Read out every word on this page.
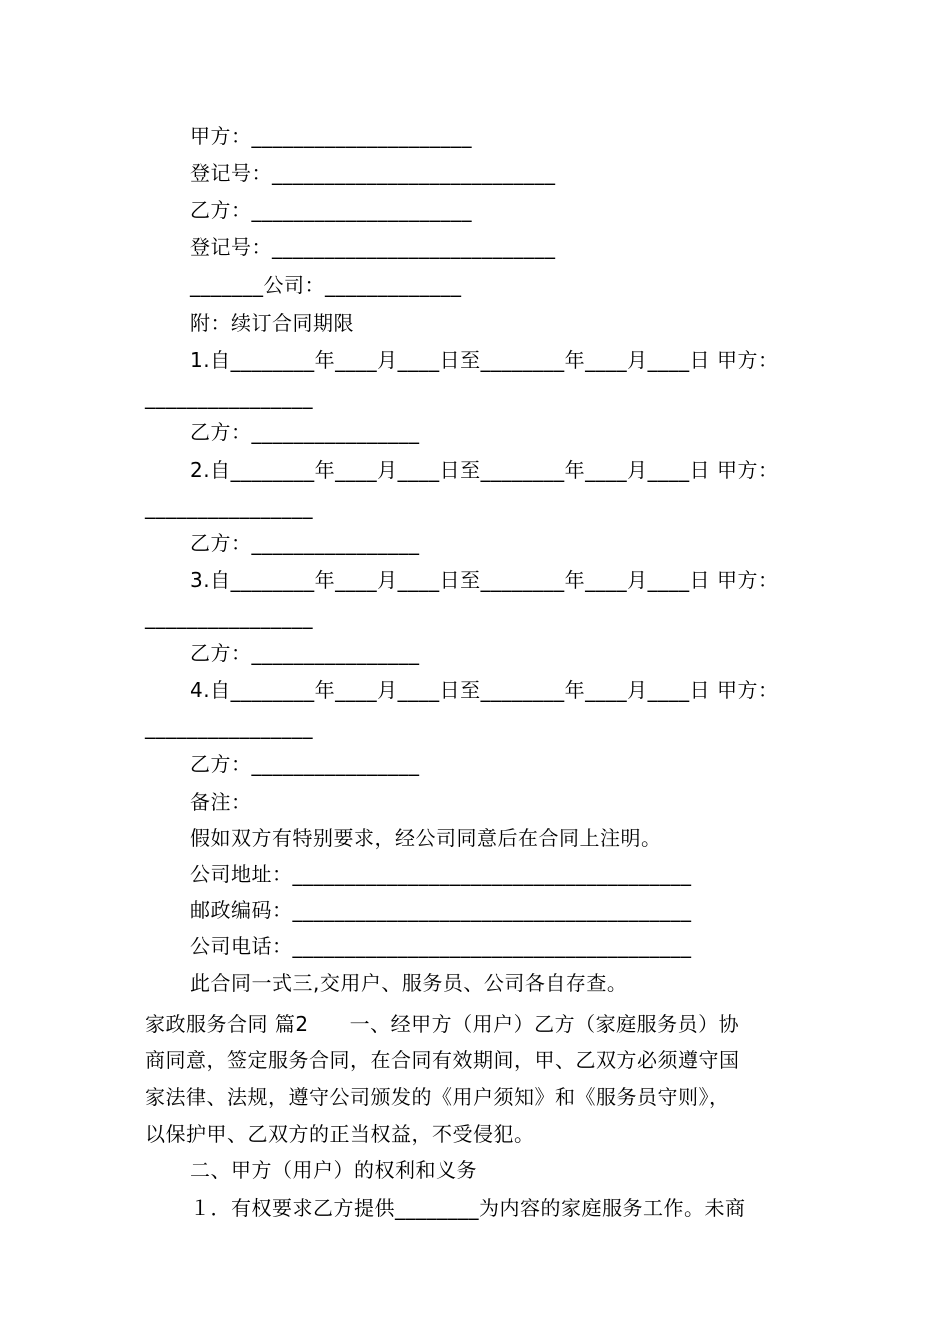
甲方：_____________________
登记号：___________________________
乙方：_____________________
登记号：___________________________
_______公司：_____________
附：续订合同期限
1.自________年____月____日至________年____月____日 甲方：
________________
乙方：________________
2.自________年____月____日至________年____月____日 甲方：
________________
乙方：________________
3.自________年____月____日至________年____月____日 甲方：
________________
乙方：________________
4.自________年____月____日至________年____月____日 甲方：
________________
乙方：________________
备注：
假如双方有特别要求，经公司同意后在合同上注明。
公司地址：______________________________________
邮政编码：______________________________________
公司电话：______________________________________
此合同一式三,交用户、服务员、公司各自存查。
家政服务合同 篇2　　一、经甲方（用户）乙方（家庭服务员）协
商同意，签定服务合同，在合同有效期间，甲、乙双方必须遵守国
家法律、法规，遵守公司颁发的《用户须知》和《服务员守则》，
以保护甲、乙双方的正当权益，不受侵犯。
二、甲方（用户）的权利和义务
１．有权要求乙方提供________为内容的家庭服务工作。未商
